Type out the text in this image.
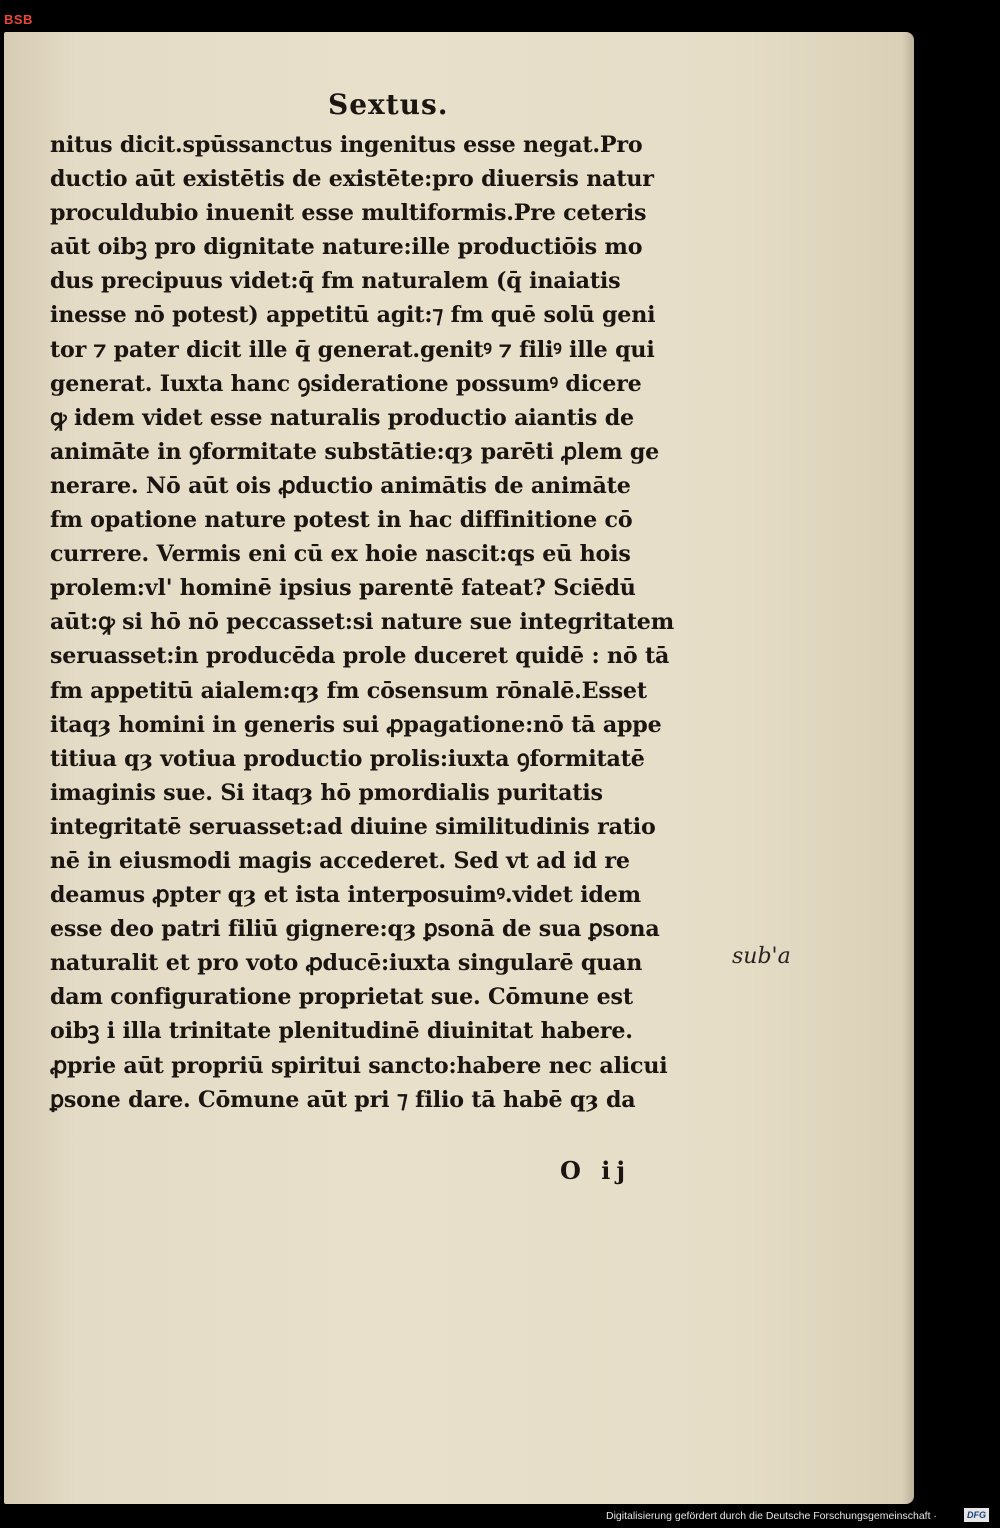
BSB
Sextus.
nitus dicit.spūssanctus ingenitus esse negat.Pro
ductio aūt existētis de existēte:pro diuersis natur
proculdubio inuenit esse multiformis.Pre ceteris
aūt oibꝫ pro dignitate nature:ille productiōis mo
dus precipuus videt:q̄ fm naturalem (q̄ inaiatis
inesse nō potest) appetitū agit:⁊ fm quē solū geni
tor ⁊ pater dicit ille q̄ generat.genitꝰ ⁊ filiꝰ ille qui
generat. Iuxta hanc ꝯsideratione possumꝰ dicere
ꝙ idem videt esse naturalis productio aiantis de
animāte in ꝯformitate substātie:qȝ parēti ꝓlem ge
nerare. Nō aūt ois ꝓductio animātis de animāte
fm opatione nature potest in hac diffinitione cō
currere. Vermis eni cū ex hoie nascit:qs eū hois
prolem:vl' hominē ipsius parentē fateat? Sciēdū
aūt:ꝙ si hō nō peccasset:si nature sue integritatem
seruasset:in producēda prole duceret quidē : nō tā
fm appetitū aialem:qȝ fm cōsensum rōnalē.Esset
itaqȝ homini in generis sui ꝓpagatione:nō tā appe
titiua qȝ votiua productio prolis:iuxta ꝯformitatē
imaginis sue. Si itaqȝ hō pmordialis puritatis
integritatē seruasset:ad diuine similitudinis ratio
nē in eiusmodi magis accederet. Sed vt ad id re
deamus ꝓpter qȝ et ista interposuimꝰ.videt idem
esse deo patri filiū gignere:qȝ ꝑsonā de sua ꝑsona
naturalit et pro voto ꝓducē:iuxta singularē quan
dam configuratione proprietat sue. Cōmune est
oibꝫ i illa trinitate plenitudinē diuinitat habere.
ꝓprie aūt propriū spiritui sancto:habere nec alicui
ꝑsone dare. Cōmune aūt pri ⁊ filio tā habē qȝ da
sub'a
O ij
Digitalisierung gefördert durch die Deutsche Forschungsgemeinschaft ·	DFG
